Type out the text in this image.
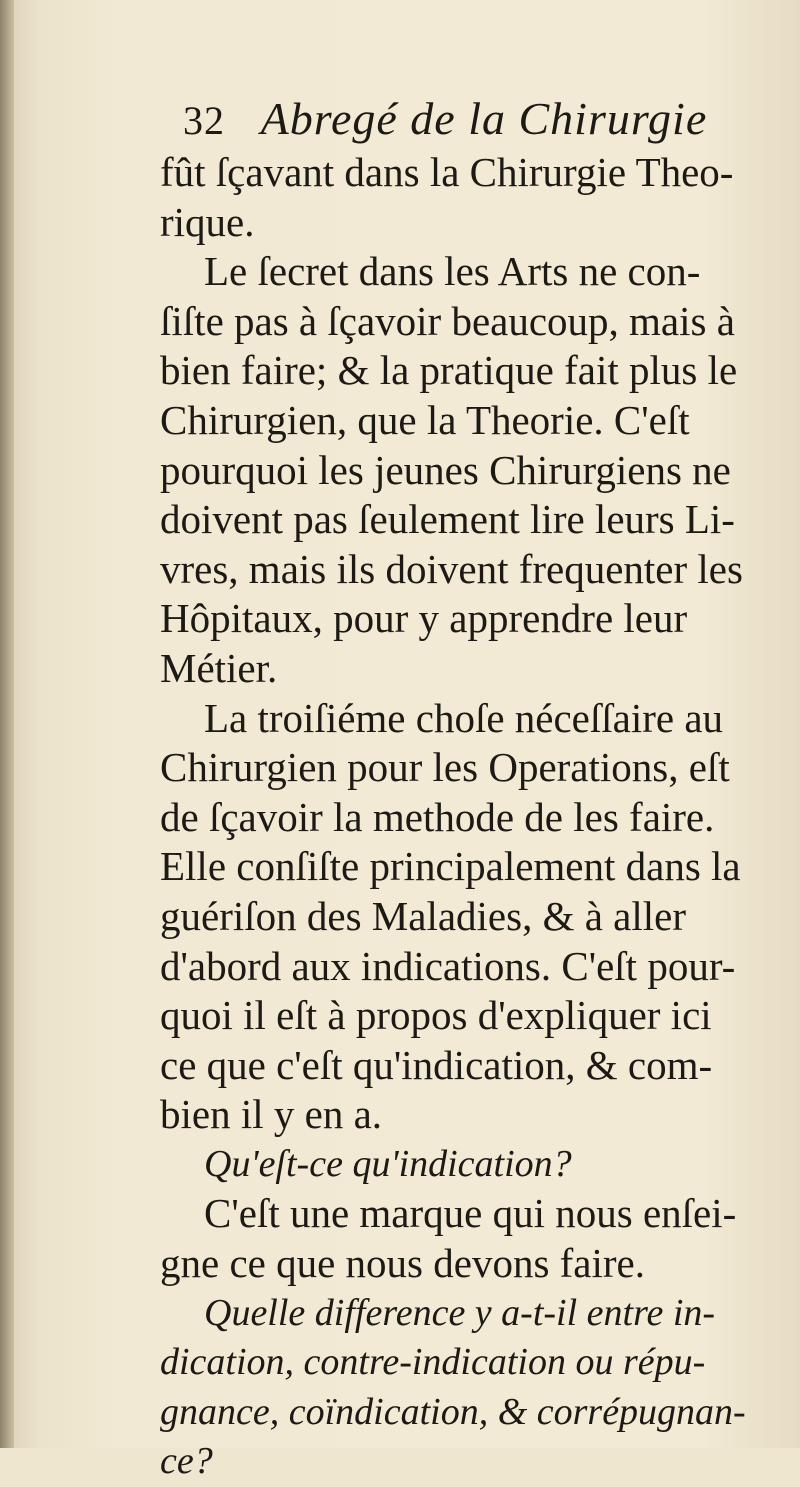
32 Abregé de la Chirurgie
fût ſçavant dans la Chirurgie Theo-
rique.
Le ſecret dans les Arts ne con-
ſiſte pas à ſçavoir beaucoup, mais à
bien faire; & la pratique fait plus le
Chirurgien, que la Theorie. C'eſt
pourquoi les jeunes Chirurgiens ne
doivent pas ſeulement lire leurs Li-
vres, mais ils doivent frequenter les
Hôpitaux, pour y apprendre leur
Métier.
La troiſiéme choſe néceſſaire au
Chirurgien pour les Operations, eſt
de ſçavoir la methode de les faire.
Elle conſiſte principalement dans la
guériſon des Maladies, & à aller
d'abord aux indications. C'eſt pour-
quoi il eſt à propos d'expliquer ici
ce que c'eſt qu'indication, & com-
bien il y en a.
Qu'eſt-ce qu'indication?
C'eſt une marque qui nous enſei-
gne ce que nous devons faire.
Quelle difference y a-t-il entre in-
dication, contre-indication ou répu-
gnance, coïndication, & corrépugnan-
ce?
